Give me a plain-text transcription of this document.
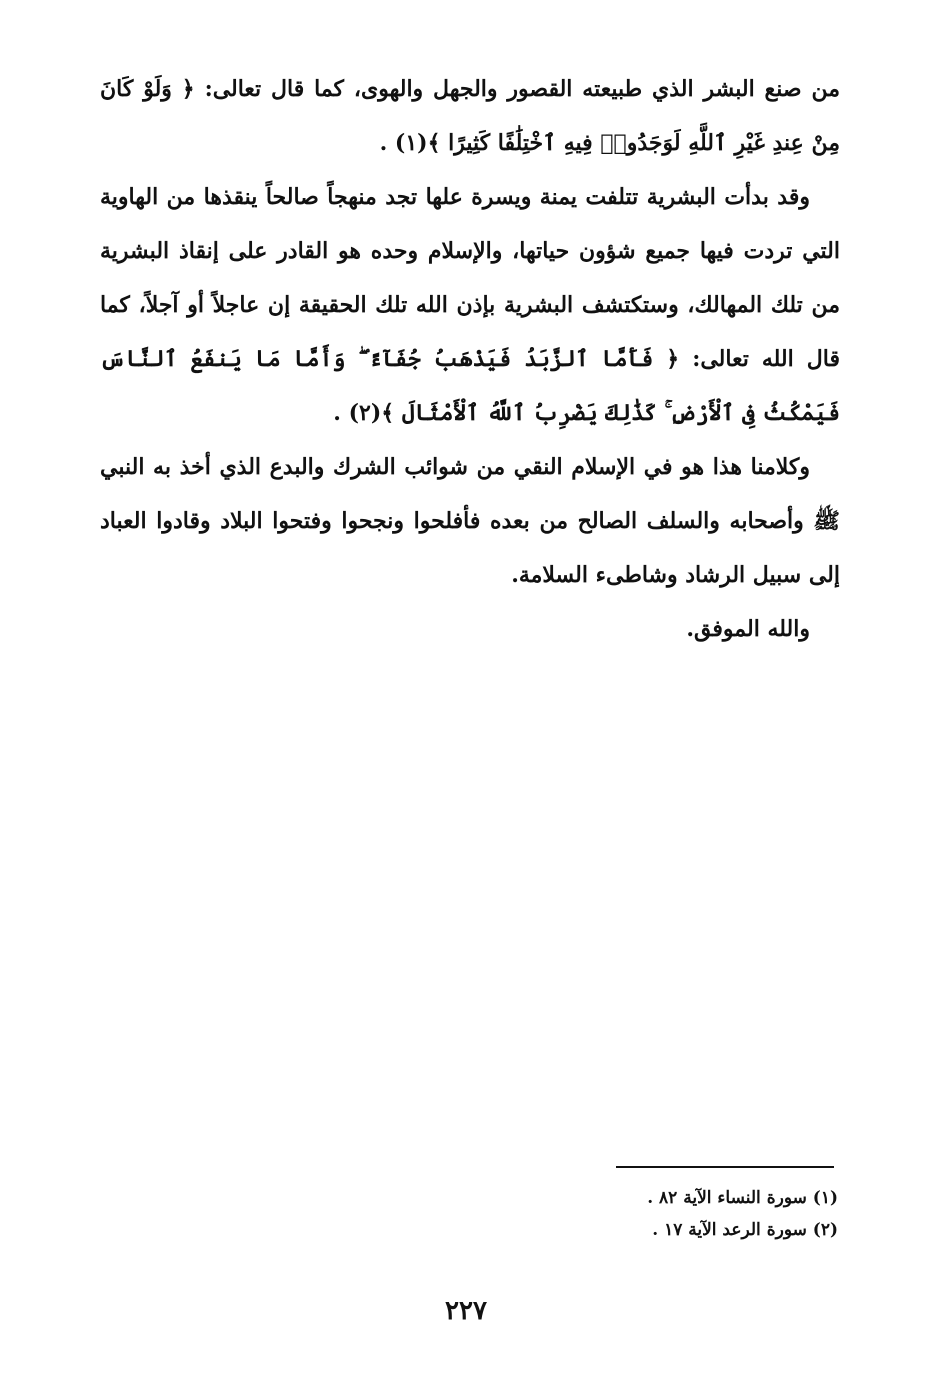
من صنع البشر الذي طبيعته القصور والجهل والهوى، كما قال تعالى: ﴿ وَلَوْ كَانَ مِنْ عِندِ غَيْرِ ٱللَّهِ لَوَجَدُوا۟ فِيهِ ٱخْتِلَٰفًا كَثِيرًا ﴾(١) .

وقد بدأت البشرية تتلفت يمنة ويسرة علها تجد منهجاً صالحاً ينقذها من الهاوية التي تردت فيها جميع شؤون حياتها، والإسلام وحده هو القادر على إنقاذ البشرية من تلك المهالك، وستكتشف البشرية بإذن الله تلك الحقيقة إن عاجلاً أو آجلاً، كما قال الله تعالى: ﴿ فَأَمَّا ٱلزَّبَدُ فَيَذْهَبُ جُفَآءً ۖ وَأَمَّا مَا يَنفَعُ ٱلنَّاسَ فَيَمْكُثُ فِى ٱلْأَرْضِ ۚ كَذَٰلِكَ يَضْرِبُ ٱللَّهُ ٱلْأَمْثَالَ ﴾(٢) .

وكلامنا هذا هو في الإسلام النقي من شوائب الشرك والبدع الذي أخذ به النبي ﷺ وأصحابه والسلف الصالح من بعده فأفلحوا ونجحوا وفتحوا البلاد وقادوا العباد إلى سبيل الرشاد وشاطىء السلامة.

والله الموفق.

(١) سورة النساء الآية ٨٢ .
(٢) سورة الرعد الآية ١٧ .
٢٢٧
